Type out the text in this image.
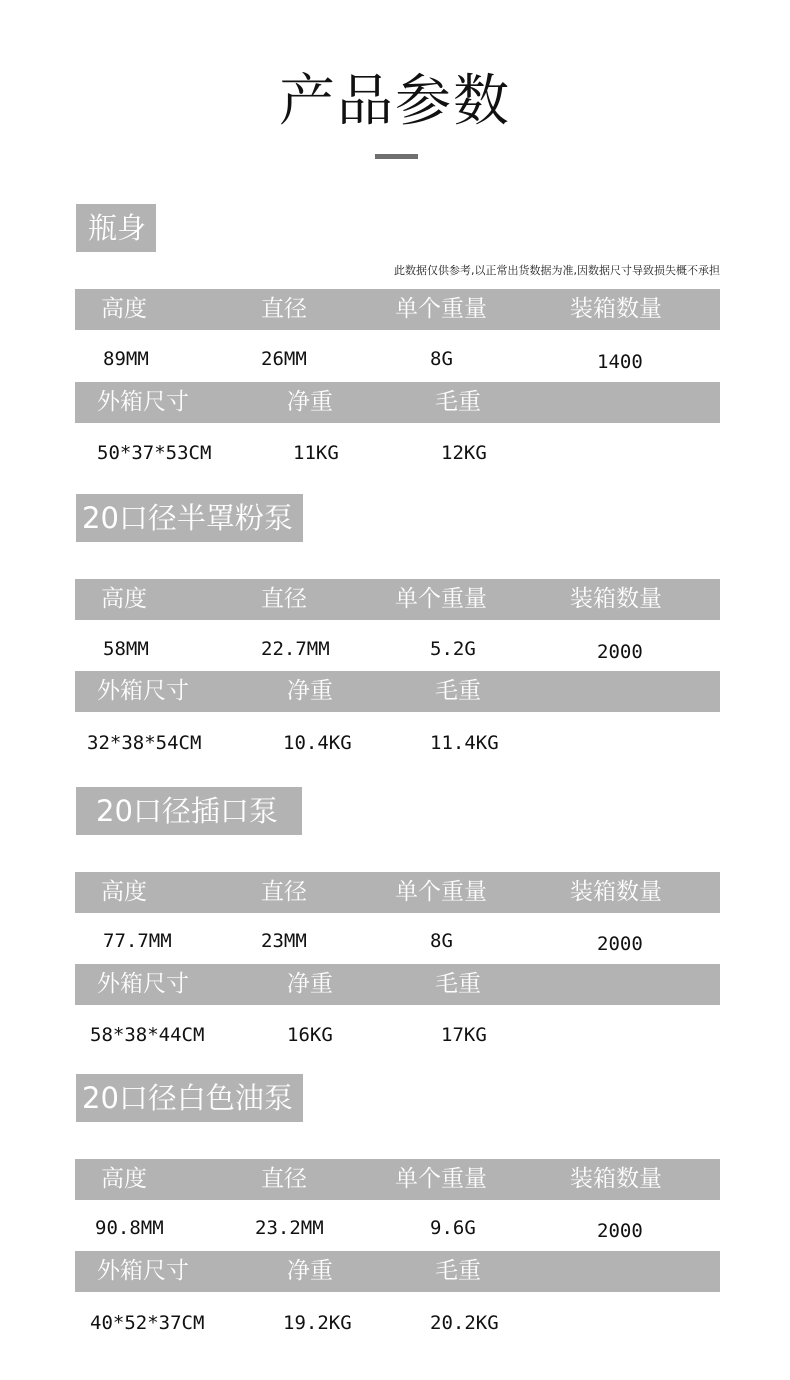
产品参数
瓶身
此数据仅供参考,以正常出货数据为准,因数据尺寸导致损失概不承担
高度	直径	单个重量	装箱数量
89MM	26MM	8G	1400
外箱尺寸	净重	毛重
50*37*53CM	11KG	12KG
20口径半罩粉泵
高度	直径	单个重量	装箱数量
58MM	22.7MM	5.2G	2000
外箱尺寸	净重	毛重
32*38*54CM	10.4KG	11.4KG
20口径插口泵
高度	直径	单个重量	装箱数量
77.7MM	23MM	8G	2000
外箱尺寸	净重	毛重
58*38*44CM	16KG	17KG
20口径白色油泵
高度	直径	单个重量	装箱数量
90.8MM	23.2MM	9.6G	2000
外箱尺寸	净重	毛重
40*52*37CM	19.2KG	20.2KG
